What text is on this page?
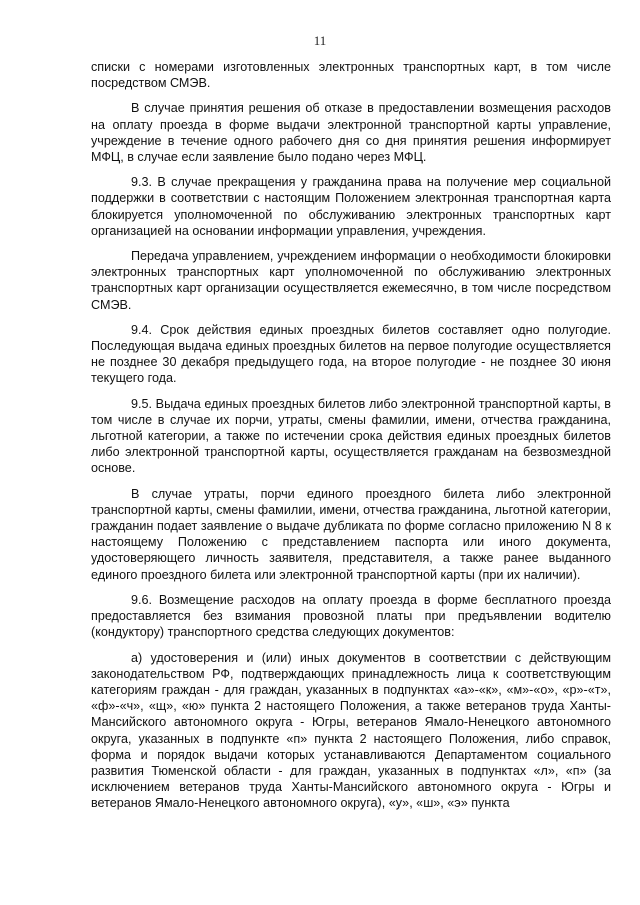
11

списки с номерами изготовленных электронных транспортных карт, в том числе посредством СМЭВ.

В случае принятия решения об отказе в предоставлении возмещения расходов на оплату проезда в форме выдачи электронной транспортной карты управление, учреждение в течение одного рабочего дня со дня принятия решения информирует МФЦ, в случае если заявление было подано через МФЦ.

9.3. В случае прекращения у гражданина права на получение мер социальной поддержки в соответствии с настоящим Положением электронная транспортная карта блокируется уполномоченной по обслуживанию электронных транспортных карт организацией на основании информации управления, учреждения.

Передача управлением, учреждением информации о необходимости блокировки электронных транспортных карт уполномоченной по обслуживанию электронных транспортных карт организации осуществляется ежемесячно, в том числе посредством СМЭВ.

9.4. Срок действия единых проездных билетов составляет одно полугодие. Последующая выдача единых проездных билетов на первое полугодие осуществляется не позднее 30 декабря предыдущего года, на второе полугодие - не позднее 30 июня текущего года.

9.5. Выдача единых проездных билетов либо электронной транспортной карты, в том числе в случае их порчи, утраты, смены фамилии, имени, отчества гражданина, льготной категории, а также по истечении срока действия единых проездных билетов либо электронной транспортной карты, осуществляется гражданам на безвозмездной основе.

В случае утраты, порчи единого проездного билета либо электронной транспортной карты, смены фамилии, имени, отчества гражданина, льготной категории, гражданин подает заявление о выдаче дубликата по форме согласно приложению N 8 к настоящему Положению с представлением паспорта или иного документа, удостоверяющего личность заявителя, представителя, а также ранее выданного единого проездного билета или электронной транспортной карты (при их наличии).

9.6. Возмещение расходов на оплату проезда в форме бесплатного проезда предоставляется без взимания провозной платы при предъявлении водителю (кондуктору) транспортного средства следующих документов:

а) удостоверения и (или) иных документов в соответствии с действующим законодательством РФ, подтверждающих принадлежность лица к соответствующим категориям граждан - для граждан, указанных в подпунктах «а»-«к», «м»-«о», «р»-«т», «ф»-«ч», «щ», «ю» пункта 2 настоящего Положения, а также ветеранов труда Ханты-Мансийского автономного округа - Югры, ветеранов Ямало-Ненецкого автономного округа, указанных в подпункте «п» пункта 2 настоящего Положения, либо справок, форма и порядок выдачи которых устанавливаются Департаментом социального развития Тюменской области - для граждан, указанных в подпунктах «л», «п» (за исключением ветеранов труда Ханты-Мансийского автономного округа - Югры и ветеранов Ямало-Ненецкого автономного округа), «у», «ш», «э» пункта
